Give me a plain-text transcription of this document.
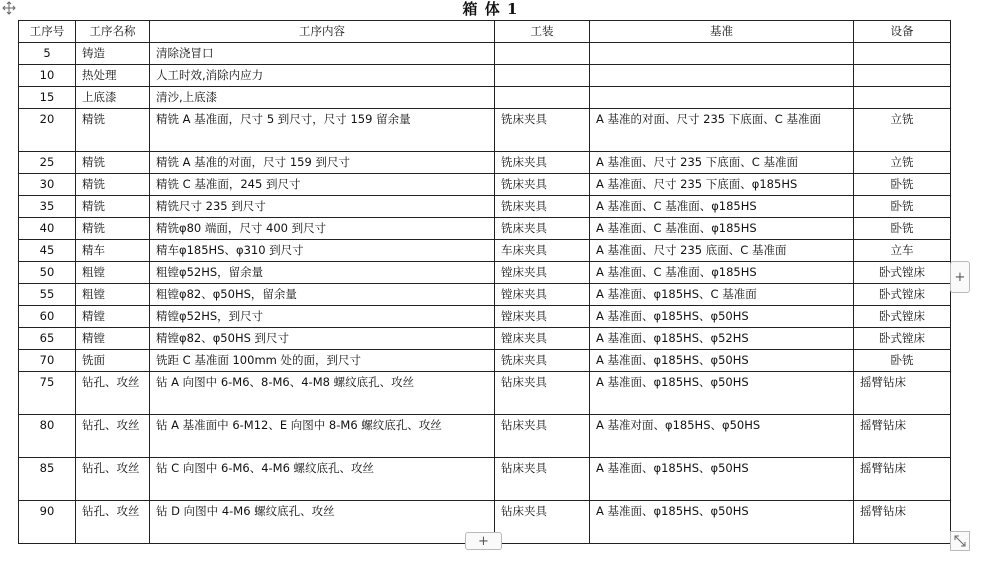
箱 体 1
工序号	工序名称	工序内容	工装	基准	设备
5	铸造	清除浇冒口			
10	热处理	人工时效,消除内应力			
15	上底漆	清沙,上底漆			
20	精铣	精铣 A 基准面，尺寸 5 到尺寸，尺寸 159 留余量	铣床夹具	A 基准的对面、尺寸 235 下底面、C 基准面	立铣
25	精铣	精铣 A 基准的对面，尺寸 159 到尺寸	铣床夹具	A 基准面、尺寸 235 下底面、C 基准面	立铣
30	精铣	精铣 C 基准面，245 到尺寸	铣床夹具	A 基准面、尺寸 235 下底面、φ185HS	卧铣
35	精铣	精铣尺寸 235 到尺寸	铣床夹具	A 基准面、C 基准面、φ185HS	卧铣
40	精铣	精铣φ80 端面，尺寸 400 到尺寸	铣床夹具	A 基准面、C 基准面、φ185HS	卧铣
45	精车	精车φ185HS、φ310 到尺寸	车床夹具	A 基准面、尺寸 235 底面、C 基准面	立车
50	粗镗	粗镗φ52HS，留余量	镗床夹具	A 基准面、C 基准面、φ185HS	卧式镗床
55	粗镗	粗镗φ82、φ50HS，留余量	镗床夹具	A 基准面、φ185HS、C 基准面	卧式镗床
60	精镗	精镗φ52HS，到尺寸	镗床夹具	A 基准面、φ185HS、φ50HS	卧式镗床
65	精镗	精镗φ82、φ50HS 到尺寸	镗床夹具	A 基准面、φ185HS、φ52HS	卧式镗床
70	铣面	铣距 C 基准面 100mm 处的面，到尺寸	铣床夹具	A 基准面、φ185HS、φ50HS	卧铣
75	钻孔、攻丝	钻 A 向图中 6-M6、8-M6、4-M8 螺纹底孔、攻丝	钻床夹具	A 基准面、φ185HS、φ50HS	摇臂钻床
80	钻孔、攻丝	钻 A 基准面中 6-M12、E 向图中 8-M6 螺纹底孔、攻丝	钻床夹具	A 基准对面、φ185HS、φ50HS	摇臂钻床
85	钻孔、攻丝	钻 C 向图中 6-M6、4-M6 螺纹底孔、攻丝	钻床夹具	A 基准面、φ185HS、φ50HS	摇臂钻床
90	钻孔、攻丝	钻 D 向图中 4-M6 螺纹底孔、攻丝	钻床夹具	A 基准面、φ185HS、φ50HS	摇臂钻床
+
+
